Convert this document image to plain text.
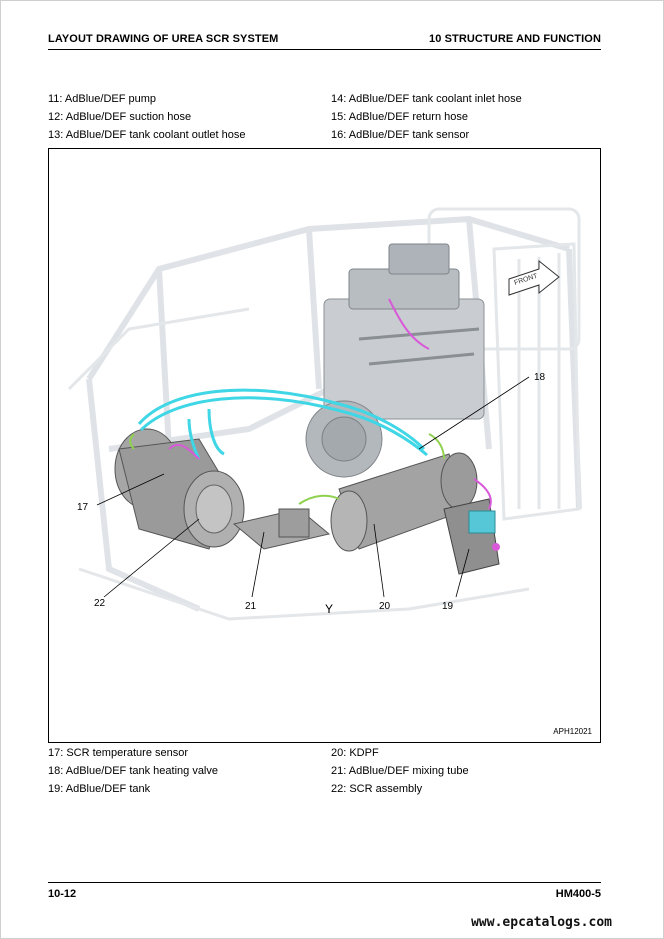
LAYOUT DRAWING OF UREA SCR SYSTEM	10 STRUCTURE AND FUNCTION
11: AdBlue/DEF pump
12: AdBlue/DEF suction hose
13: AdBlue/DEF tank coolant outlet hose
14: AdBlue/DEF tank coolant inlet hose
15: AdBlue/DEF return hose
16: AdBlue/DEF tank sensor
FRONT
17
18
19
20
21
22	Y
APH12021
17: SCR temperature sensor
18: AdBlue/DEF tank heating valve
19: AdBlue/DEF tank
20: KDPF
21: AdBlue/DEF mixing tube
22: SCR assembly
10-12	HM400-5
www.epcatalogs.com
